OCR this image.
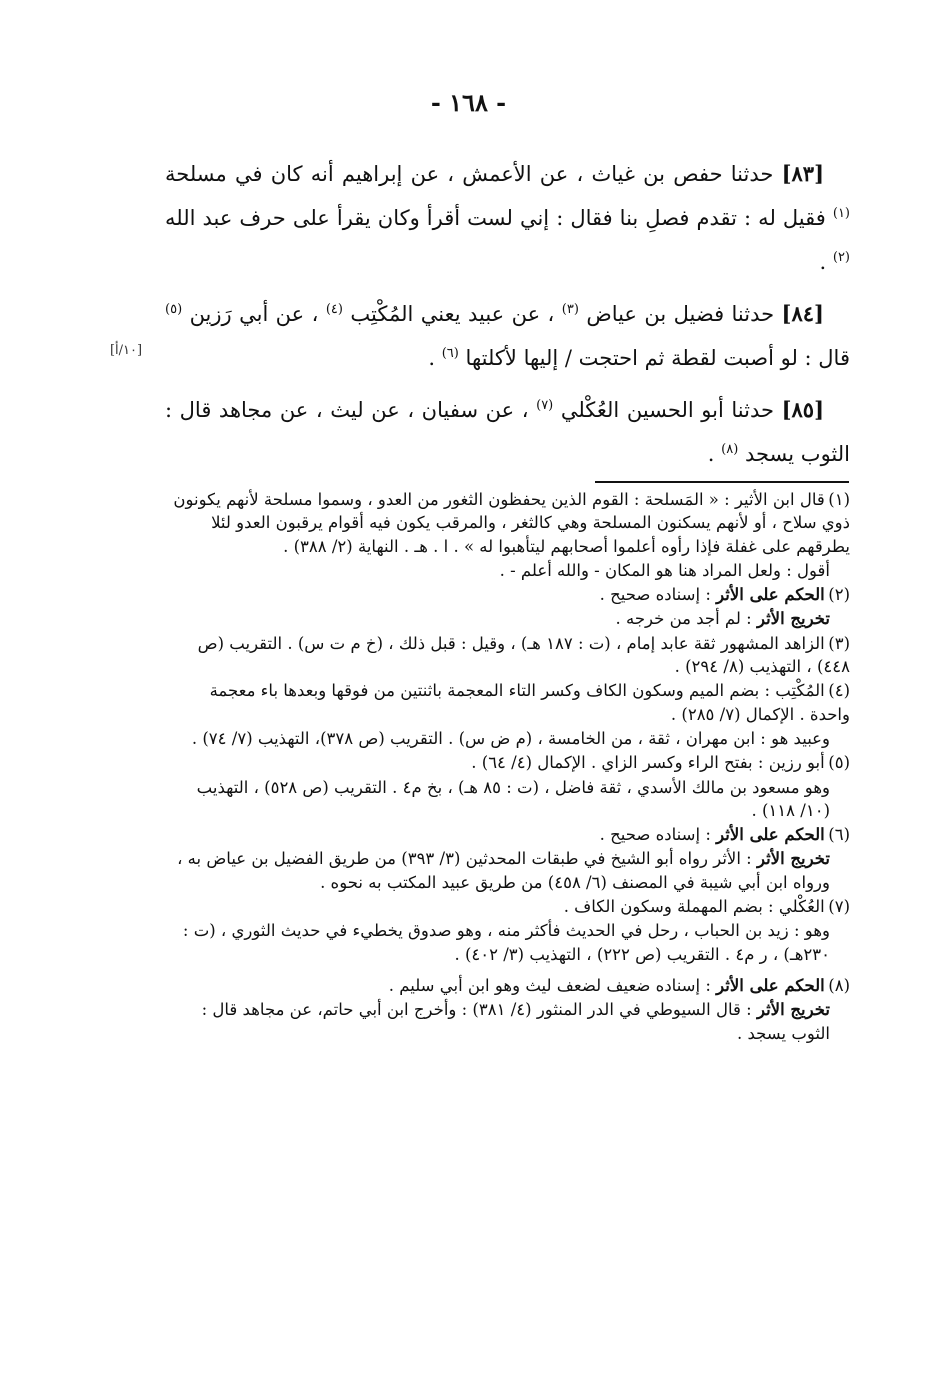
- ١٦٨ -

[٨٣] حدثنا حفص بن غياث ، عن الأعمش ، عن إبراهيم أنه كان في مسلحة $^{(١)}$ فقيل له : تقدم فصلِ بنا فقال : إني لست أقرأ وكان يقرأ على حرف عبد الله $^{(٢)}$ .

[٨٤] حدثنا فضيل بن عياض $^{(٣)}$ ، عن عبيد يعني المُكْتِب $^{(٤)}$ ، عن أبي رَزين $^{(٥)}$ قال : لو أصبت لقطة ثم احتجت / إليها لأكلتها $^{(٦)}$ .

[٨٥] حدثنا أبو الحسين العُكْلي $^{(٧)}$ ، عن سفيان ، عن ليث ، عن مجاهد قال : الثوب يسجد $^{(٨)}$ .

[١٠/أ]
(١) قال ابن الأثير : « المَسلحة : القوم الذين يحفظون الثغور من العدو ، وسموا مسلحة لأنهم يكونون ذوي سلاح ، أو لأنهم يسكنون المسلحة وهي كالثغر ، والمرقب يكون فيه أقوام يرقبون العدو لئلا يطرقهم على غفلة فإذا رأوه أعلموا أصحابهم ليتأهبوا له » . ا . هـ . النهاية (٢/ ٣٨٨) .
أقول : ولعل المراد هنا هو المكان - والله أعلم - .
(٢) الحكم على الأثر : إسناده صحيح .
تخريج الأثر : لم أجد من خرجه .
(٣) الزاهد المشهور ثقة عابد إمام ، (ت : ١٨٧ هـ) ، وقيل : قبل ذلك ، (خ م ت س) . التقريب (ص ٤٤٨) ، التهذيب (٨/ ٢٩٤) .
(٤) المُكْتِب : بضم الميم وسكون الكاف وكسر التاء المعجمة باثنتين من فوقها وبعدها باء معجمة واحدة . الإكمال (٧/ ٢٨٥) .
وعبيد هو : ابن مهران ، ثقة ، من الخامسة ، (م ض س) . التقريب (ص ٣٧٨)، التهذيب (٧/ ٧٤) .
(٥) أبو رزين : بفتح الراء وكسر الزاي . الإكمال (٤/ ٦٤) .
وهو مسعود بن مالك الأسدي ، ثقة فاضل ، (ت : ٨٥ هـ) ، بخ م٤ . التقريب (ص ٥٢٨) ، التهذيب (١٠/ ١١٨) .
(٦) الحكم على الأثر : إسناده صحيح .
تخريج الأثر : الأثر رواه أبو الشيخ في طبقات المحدثين (٣/ ٣٩٣) من طريق الفضيل بن عياض به ، ورواه ابن أبي شيبة في المصنف (٦/ ٤٥٨) من طريق عبيد المكتب به نحوه .
(٧) العُكْلي : بضم المهملة وسكون الكاف .
وهو : زيد بن الحباب ، رحل في الحديث فأكثر منه ، وهو صدوق يخطيء في حديث الثوري ، (ت : ٢٣٠هـ) ، ر م٤ . التقريب (ص ٢٢٢) ، التهذيب (٣/ ٤٠٢) .
(٨) الحكم على الأثر : إسناده ضعيف لضعف ليث وهو ابن أبي سليم .
تخريج الأثر : قال السيوطي في الدر المنثور (٤/ ٣٨١) : وأخرج ابن أبي حاتم، عن مجاهد قال : الثوب يسجد .
